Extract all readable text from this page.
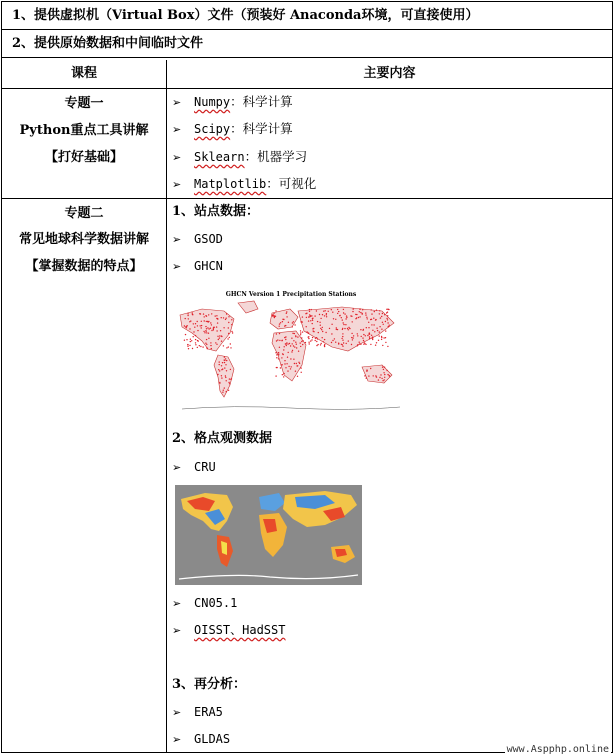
1、提供虚拟机（Virtual Box）文件（预装好 Anaconda环境，可直接使用）
2、提供原始数据和中间临时文件
课程	主要内容
专题一
Python重点工具讲解
【打好基础】
➢ Numpy：科学计算
➢ Scipy：科学计算
➢ Sklearn：机器学习
➢ Matplotlib：可视化
专题二
常见地球科学数据讲解
【掌握数据的特点】
1、站点数据：
➢ GSOD
➢ GHCN
GHCN Version 1 Precipitation Stations
2、格点观测数据
➢ CRU
➢ CN05.1
➢ OISST、HadSST
3、再分析：
➢ ERA5
➢ GLDAS
www.Aspphp.online
